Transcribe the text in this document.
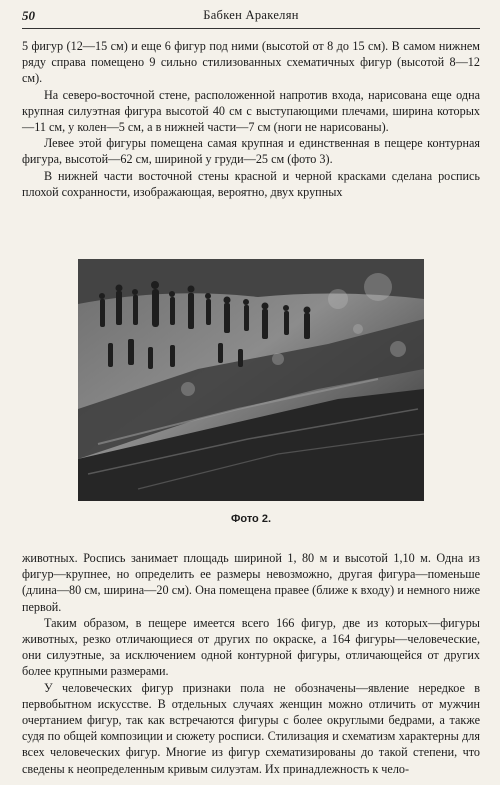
50	Бабкен Аракелян

5 фигур (12—15 см) и еще 6 фигур под ними (высотой от 8 до 15 см). В самом нижнем ряду справа помещено 9 сильно стилизованных схематичных фигур (высотой 8—12 см).

На северо-восточной стене, расположенной напротив входа, нарисована еще одна крупная силуэтная фигура высотой 40 см с выступающими плечами, ширина которых—11 см, у колен—5 см, а в нижней части—7 см (ноги не нарисованы).

Левее этой фигуры помещена самая крупная и единственная в пещере контурная фигура, высотой—62 см, шириной у груди—25 см (фото 3).

В нижней части восточной стены красной и черной красками сделана роспись плохой сохранности, изображающая, вероятно, двух крупных

Фото 2.

животных. Роспись занимает площадь шириной 1, 80 м и высотой 1,10 м. Одна из фигур—крупнее, но определить ее размеры невозможно, другая фигура—поменьше (длина—80 см, ширина—20 см). Она помещена правее (ближе к входу) и немного ниже первой.

Таким образом, в пещере имеется всего 166 фигур, две из которых—фигуры животных, резко отличающиеся от других по окраске, а 164 фигуры—человеческие, они силуэтные, за исключением одной контурной фигуры, отличающейся от других более крупными размерами.

У человеческих фигур признаки пола не обозначены—явление нередкое в первобытном искусстве. В отдельных случаях женщин можно отличить от мужчин очертанием фигур, так как встречаются фигуры с более округлыми бедрами, а также судя по общей композиции и сюжету росписи. Стилизация и схематизм характерны для всех человеческих фигур. Многие из фигур схематизированы до такой степени, что сведены к неопределенным кривым силуэтам. Их принадлежность к чело-
